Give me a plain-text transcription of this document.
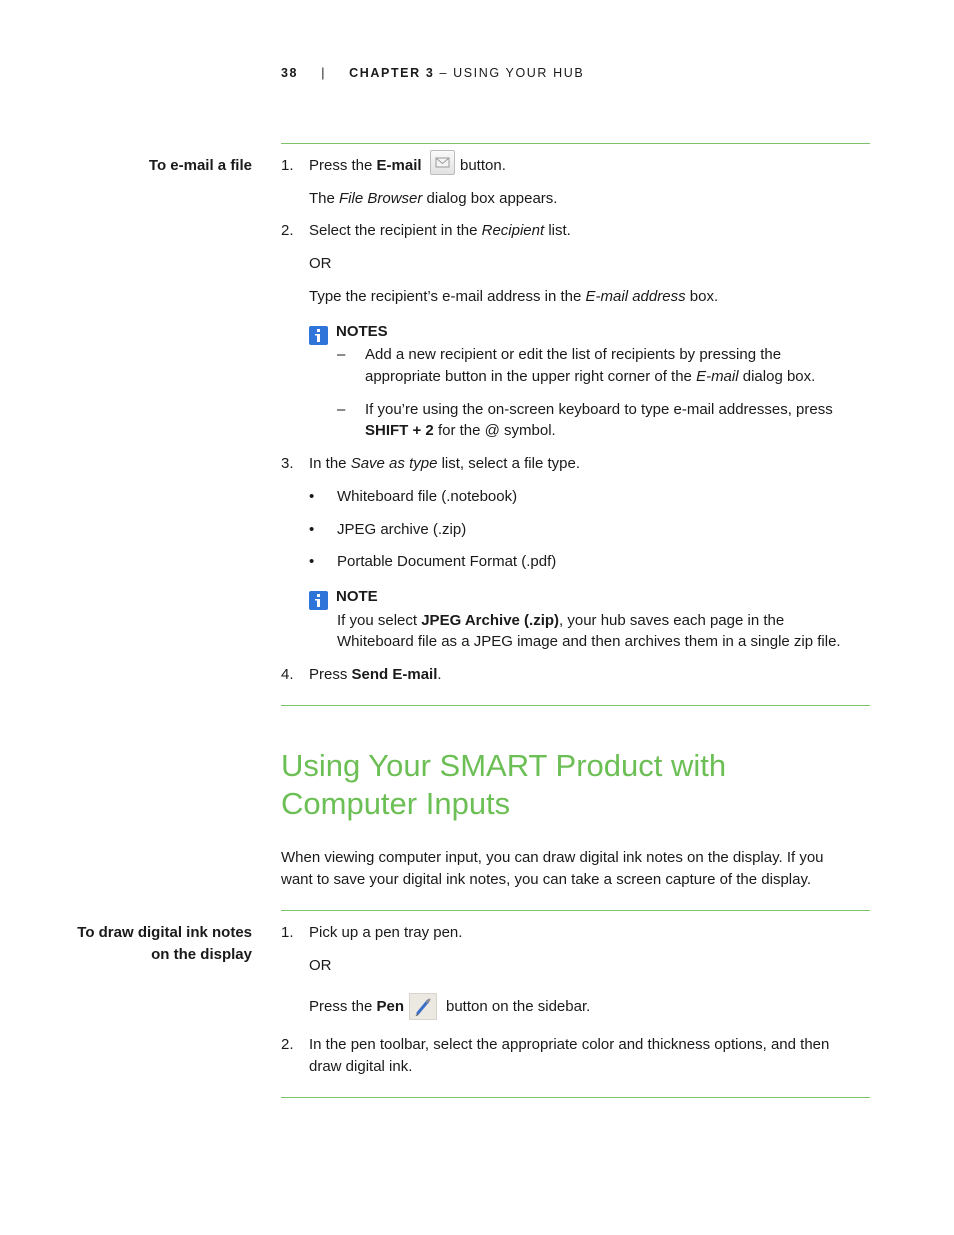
38 | CHAPTER 3 – USING YOUR HUB
To e-mail a file 1. Press the E-mail	button.
The File Browser dialog box appears.
2. Select the recipient in the Recipient list.
OR
Type the recipient’s e-mail address in the E-mail address box.
NOTES
– Add a new recipient or edit the list of recipients by pressing the
appropriate button in the upper right corner of the E-mail dialog box.
– If you’re using the on-screen keyboard to type e-mail addresses, press
SHIFT + 2 for the @ symbol.
3. In the Save as type list, select a file type.
• Whiteboard file (.notebook)
• JPEG archive (.zip)
• Portable Document Format (.pdf)
NOTE
If you select JPEG Archive (.zip), your hub saves each page in the
Whiteboard file as a JPEG image and then archives them in a single zip file.
4. Press Send E-mail.
Using Your SMART Product with
Computer Inputs
When viewing computer input, you can draw digital ink notes on the display. If you
want to save your digital ink notes, you can take a screen capture of the display.
To draw digital ink notes
on the display
1. Pick up a pen tray pen.
OR
Press the Pen	button on the sidebar.
2. In the pen toolbar, select the appropriate color and thickness options, and then
draw digital ink.
